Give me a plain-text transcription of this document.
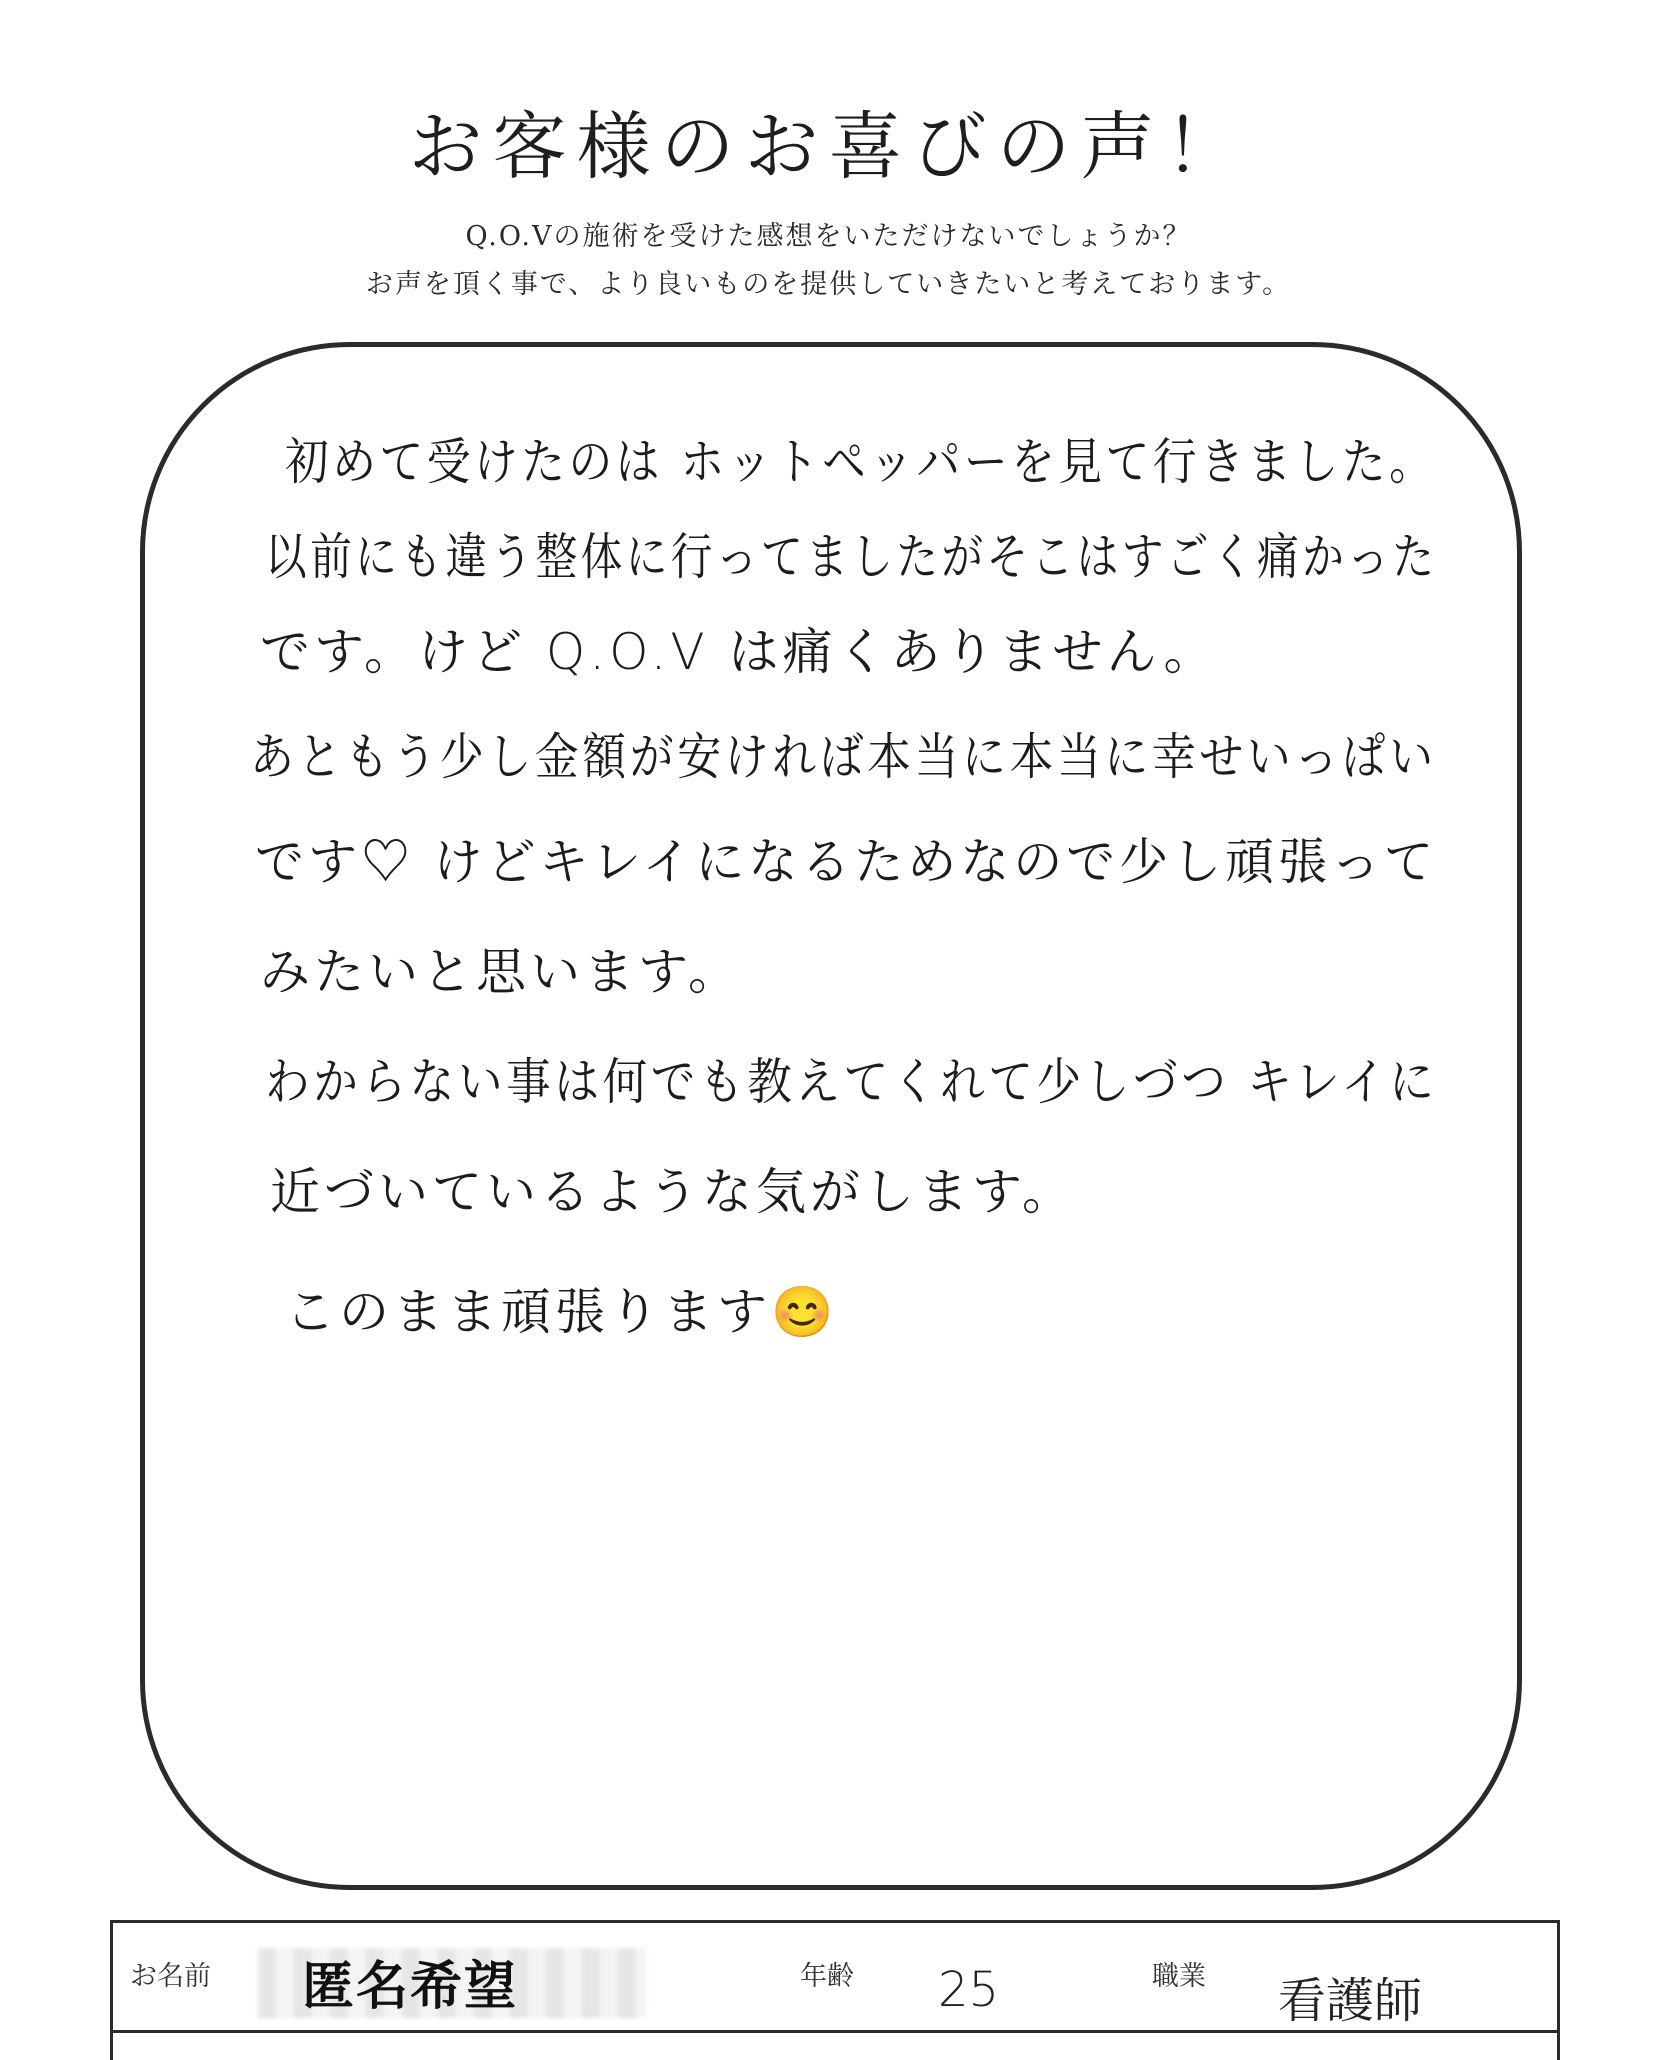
お客様のお喜びの声！
Q.O.Vの施術を受けた感想をいただけないでしょうか？
お声を頂く事で、より良いものを提供していきたいと考えております。
初めて受けたのは ホットペッパーを見て行きました。
以前にも違う整体に行ってましたがそこはすごく痛かった
です。けど Q.O.V は痛くありません。
あともう少し金額が安ければ本当に本当に幸せいっぱい
です♡ けどキレイになるためなので少し頑張って
みたいと思います。
わからない事は何でも教えてくれて少しづつ キレイに
近づいているような気がします。
このまま頑張ります😊
お名前 匿名希望	年齢 25	職業 看護師
